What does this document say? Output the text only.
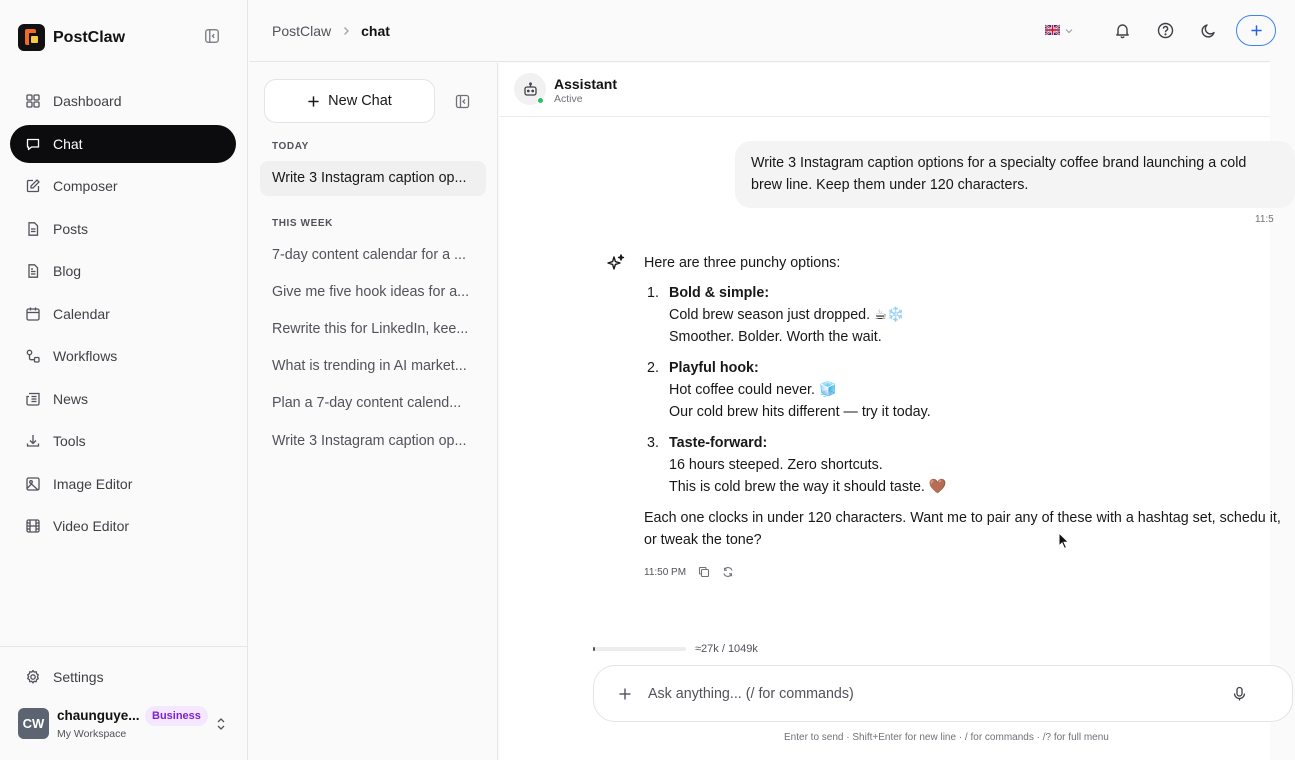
PostClaw
Dashboard
Chat
Composer
Posts
Blog
Calendar
Workflows
News
Tools
Image Editor
Video Editor
Settings
CW
chaunguye...	Business
My Workspace
PostClaw chat
New Chat
TODAY
Write 3 Instagram caption op...
THIS WEEK
7-day content calendar for a ...
Give me five hook ideas for a...
Rewrite this for LinkedIn, kee...
What is trending in AI market...
Plan a 7-day content calend...
Write 3 Instagram caption op...
Assistant
Active
Write 3 Instagram caption options for a specialty coffee brand launching a cold brew line. Keep them under 120 characters.
11:5
Here are three punchy options:
1. Bold & simple:
Cold brew season just dropped. ☕❄️
Smoother. Bolder. Worth the wait.
2. Playful hook:
Hot coffee could never. 🧊
Our cold brew hits different — try it today.
3. Taste-forward:
16 hours steeped. Zero shortcuts.
This is cold brew the way it should taste. 🤎
Each one clocks in under 120 characters. Want me to pair any of these with a hashtag set, schedu it, or tweak the tone?
11:50 PM
≈27k / 1049k
Ask anything... (/ for commands)
Enter to send · Shift+Enter for new line · / for commands · /? for full menu
